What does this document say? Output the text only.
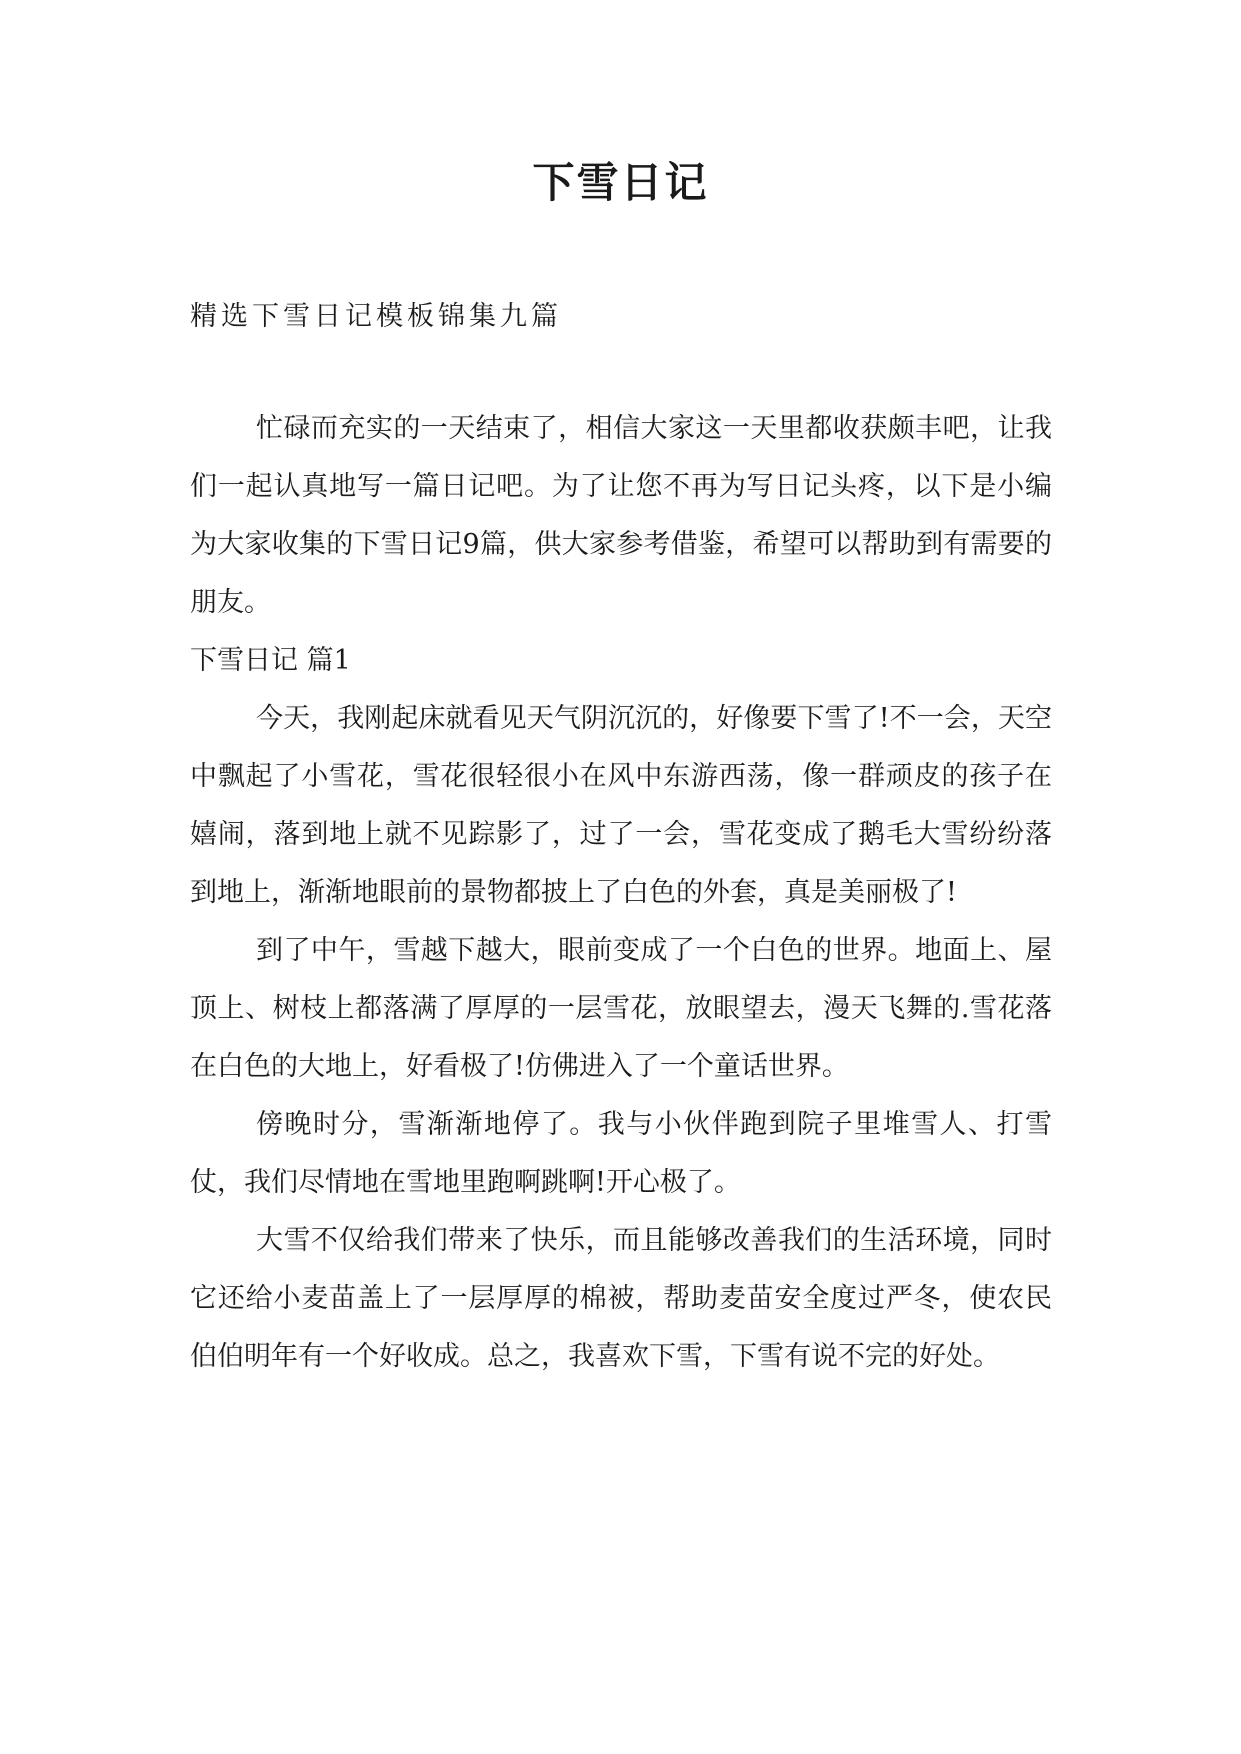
下雪日记
精选下雪日记模板锦集九篇

忙碌而充实的一天结束了，相信大家这一天里都收获颇丰吧，让我们一起认真地写一篇日记吧。为了让您不再为写日记头疼，以下是小编为大家收集的下雪日记9篇，供大家参考借鉴，希望可以帮助到有需要的朋友。

下雪日记 篇1

今天，我刚起床就看见天气阴沉沉的，好像要下雪了!不一会，天空中飘起了小雪花，雪花很轻很小在风中东游西荡，像一群顽皮的孩子在嬉闹，落到地上就不见踪影了，过了一会，雪花变成了鹅毛大雪纷纷落到地上，渐渐地眼前的景物都披上了白色的外套，真是美丽极了!

到了中午，雪越下越大，眼前变成了一个白色的世界。地面上、屋顶上、树枝上都落满了厚厚的一层雪花，放眼望去，漫天飞舞的.雪花落在白色的大地上，好看极了!仿佛进入了一个童话世界。

傍晚时分，雪渐渐地停了。我与小伙伴跑到院子里堆雪人、打雪仗，我们尽情地在雪地里跑啊跳啊!开心极了。

大雪不仅给我们带来了快乐，而且能够改善我们的生活环境，同时它还给小麦苗盖上了一层厚厚的棉被，帮助麦苗安全度过严冬，使农民伯伯明年有一个好收成。总之，我喜欢下雪，下雪有说不完的好处。
